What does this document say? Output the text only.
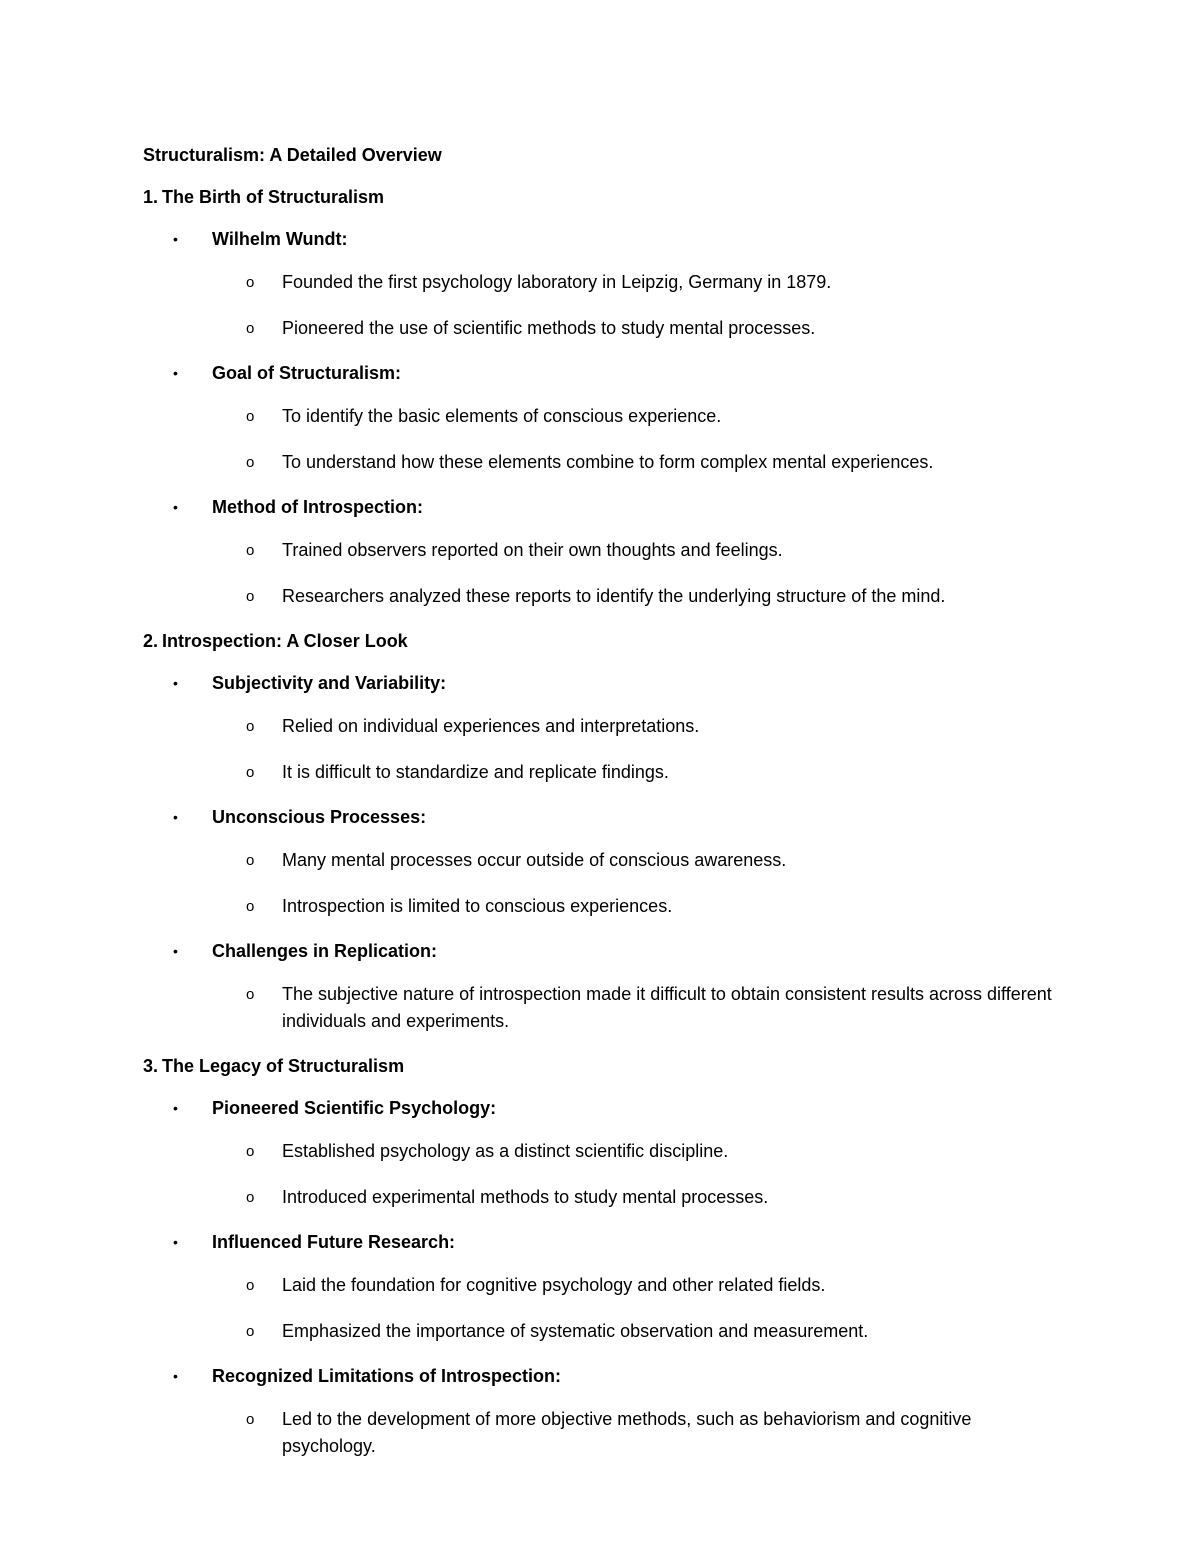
Structuralism: A Detailed Overview
1. The Birth of Structuralism
• Wilhelm Wundt:
o Founded the first psychology laboratory in Leipzig, Germany in 1879.
o Pioneered the use of scientific methods to study mental processes.
• Goal of Structuralism:
o To identify the basic elements of conscious experience.
o To understand how these elements combine to form complex mental experiences.
• Method of Introspection:
o Trained observers reported on their own thoughts and feelings.
o Researchers analyzed these reports to identify the underlying structure of the mind.
2. Introspection: A Closer Look
• Subjectivity and Variability:
o Relied on individual experiences and interpretations.
o It is difficult to standardize and replicate findings.
• Unconscious Processes:
o Many mental processes occur outside of conscious awareness.
o Introspection is limited to conscious experiences.
• Challenges in Replication:
o The subjective nature of introspection made it difficult to obtain consistent results across different individuals and experiments.
3. The Legacy of Structuralism
• Pioneered Scientific Psychology:
o Established psychology as a distinct scientific discipline.
o Introduced experimental methods to study mental processes.
• Influenced Future Research:
o Laid the foundation for cognitive psychology and other related fields.
o Emphasized the importance of systematic observation and measurement.
• Recognized Limitations of Introspection:
o Led to the development of more objective methods, such as behaviorism and cognitive psychology.
